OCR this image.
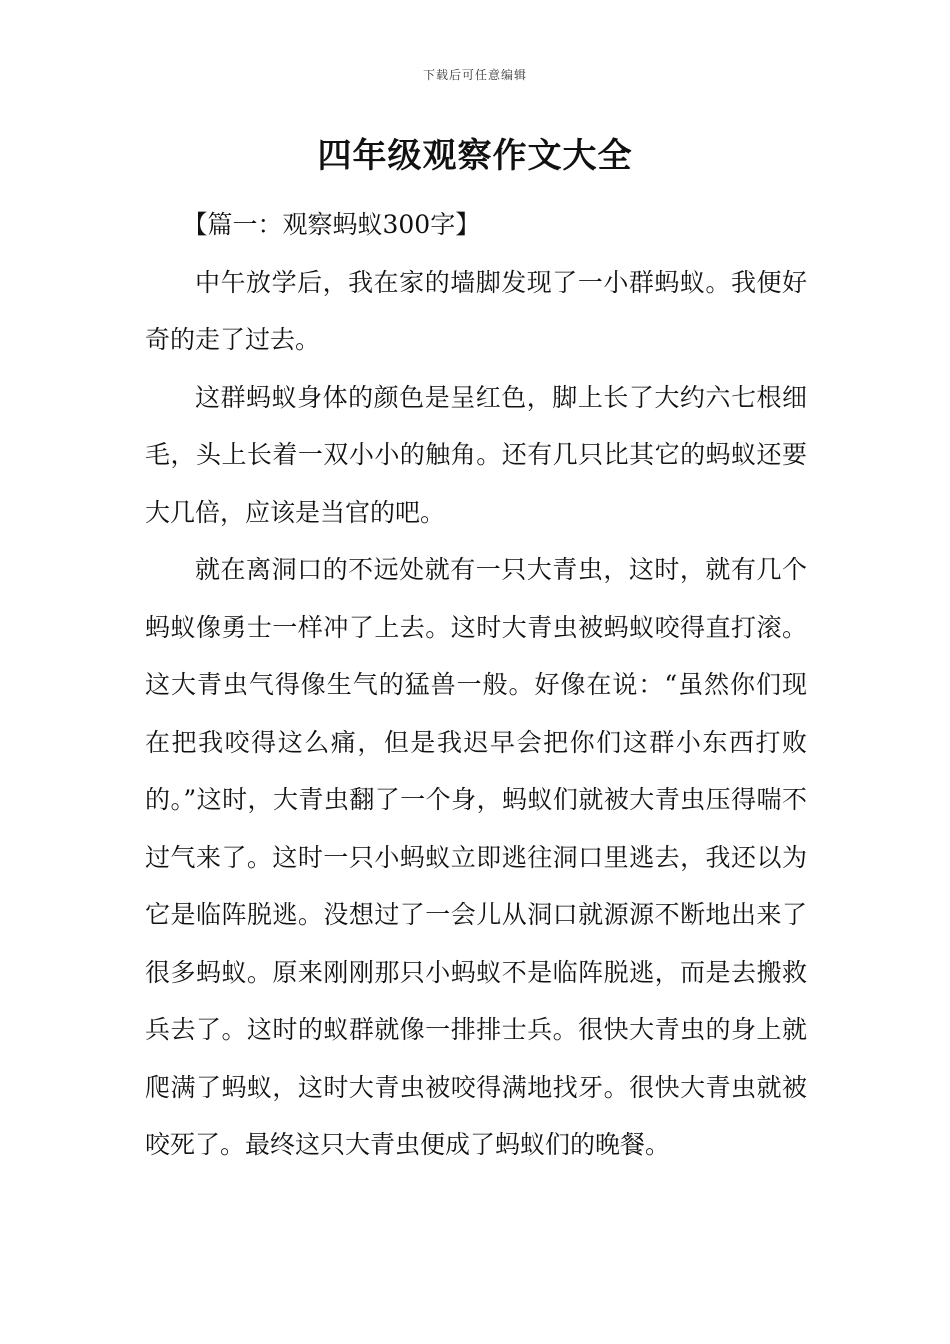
下载后可任意编辑
四年级观察作文大全
【篇一：观察蚂蚁300字】

中午放学后，我在家的墙脚发现了一小群蚂蚁。我便好奇的走了过去。

这群蚂蚁身体的颜色是呈红色，脚上长了大约六七根细毛，头上长着一双小小的触角。还有几只比其它的蚂蚁还要大几倍，应该是当官的吧。

就在离洞口的不远处就有一只大青虫，这时，就有几个蚂蚁像勇士一样冲了上去。这时大青虫被蚂蚁咬得直打滚。这大青虫气得像生气的猛兽一般。好像在说：“虽然你们现在把我咬得这么痛，但是我迟早会把你们这群小东西打败的。”这时，大青虫翻了一个身，蚂蚁们就被大青虫压得喘不过气来了。这时一只小蚂蚁立即逃往洞口里逃去，我还以为它是临阵脱逃。没想过了一会儿从洞口就源源不断地出来了很多蚂蚁。原来刚刚那只小蚂蚁不是临阵脱逃，而是去搬救兵去了。这时的蚁群就像一排排士兵。很快大青虫的身上就爬满了蚂蚁，这时大青虫被咬得满地找牙。很快大青虫就被咬死了。最终这只大青虫便成了蚂蚁们的晚餐。
